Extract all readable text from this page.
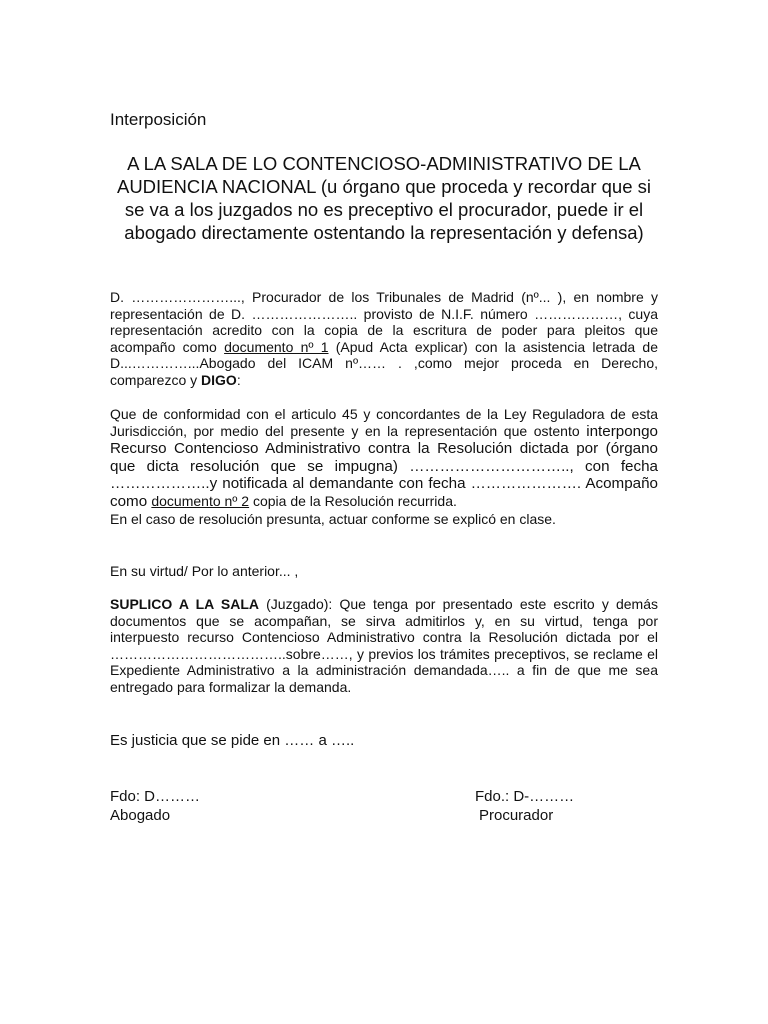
Interposición
A LA SALA DE LO CONTENCIOSO-ADMINISTRATIVO DE LA AUDIENCIA NACIONAL (u órgano que proceda y recordar que si se va a los juzgados no es preceptivo el procurador, puede ir el abogado directamente ostentando la representación y defensa)

D. …………………..., Procurador de los Tribunales de Madrid (nº... ), en nombre y representación de D. ………………….. provisto de N.I.F. número ………………, cuya representación acredito con la copia de la escritura de poder para pleitos que acompaño como documento nº 1 (Apud Acta explicar) con la asistencia letrada de D...…………...Abogado del ICAM nº…… . ,como mejor proceda en Derecho, comparezco y DIGO:

Que de conformidad con el articulo 45 y concordantes de la Ley Reguladora de esta Jurisdicción, por medio del presente y en la representación que ostento interpongo Recurso Contencioso Administrativo contra la Resolución dictada por (órgano que dicta resolución que se impugna) ………………………….., con fecha ………………..y notificada al demandante con fecha …………………. Acompaño como documento nº 2 copia de la Resolución recurrida.
En el caso de resolución presunta, actuar conforme se explicó en clase.

En su virtud/ Por lo anterior... ,

SUPLICO A LA SALA (Juzgado): Que tenga por presentado este escrito y demás documentos que se acompañan, se sirva admitirlos y, en su virtud, tenga por interpuesto recurso Contencioso Administrativo contra la Resolución dictada por el ………………………………..sobre……, y previos los trámites preceptivos, se reclame el Expediente Administrativo a la administración demandada….. a fin de que me sea entregado para formalizar la demanda.

Es justicia que se pide en …… a …..

Fdo: D………
Abogado
Fdo.: D-………
Procurador
